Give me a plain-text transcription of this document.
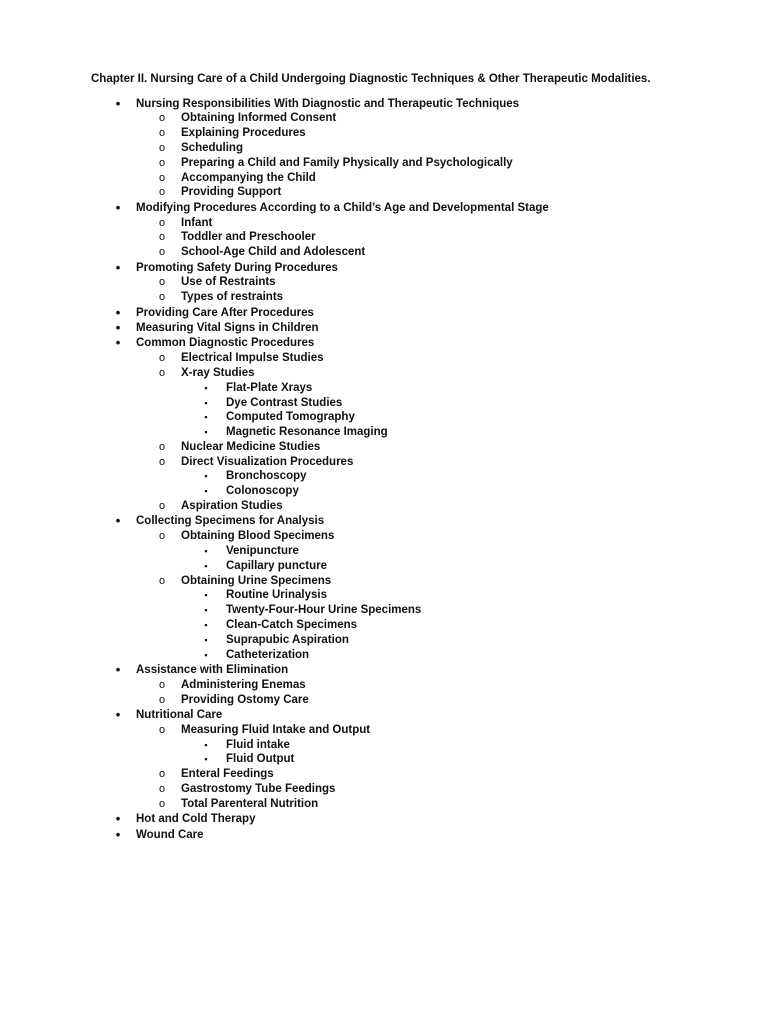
Chapter II. Nursing Care of a Child Undergoing Diagnostic Techniques & Other Therapeutic Modalities.
• Nursing Responsibilities With Diagnostic and Therapeutic Techniques
o Obtaining Informed Consent
o Explaining Procedures
o Scheduling
o Preparing a Child and Family Physically and Psychologically
o Accompanying the Child
o Providing Support
• Modifying Procedures According to a Child’s Age and Developmental Stage
o Infant
o Toddler and Preschooler
o School-Age Child and Adolescent
• Promoting Safety During Procedures
o Use of Restraints
o Types of restraints
• Providing Care After Procedures
• Measuring Vital Signs in Children
• Common Diagnostic Procedures
o Electrical Impulse Studies
o X-ray Studies
▪ Flat-Plate Xrays
▪ Dye Contrast Studies
▪ Computed Tomography
▪ Magnetic Resonance Imaging
o Nuclear Medicine Studies
o Direct Visualization Procedures
▪ Bronchoscopy
▪ Colonoscopy
o Aspiration Studies
• Collecting Specimens for Analysis
o Obtaining Blood Specimens
▪ Venipuncture
▪ Capillary puncture
o Obtaining Urine Specimens
▪ Routine Urinalysis
▪ Twenty-Four-Hour Urine Specimens
▪ Clean-Catch Specimens
▪ Suprapubic Aspiration
▪ Catheterization
• Assistance with Elimination
o Administering Enemas
o Providing Ostomy Care
• Nutritional Care
o Measuring Fluid Intake and Output
▪ Fluid intake
▪ Fluid Output
o Enteral Feedings
o Gastrostomy Tube Feedings
o Total Parenteral Nutrition
• Hot and Cold Therapy
• Wound Care
